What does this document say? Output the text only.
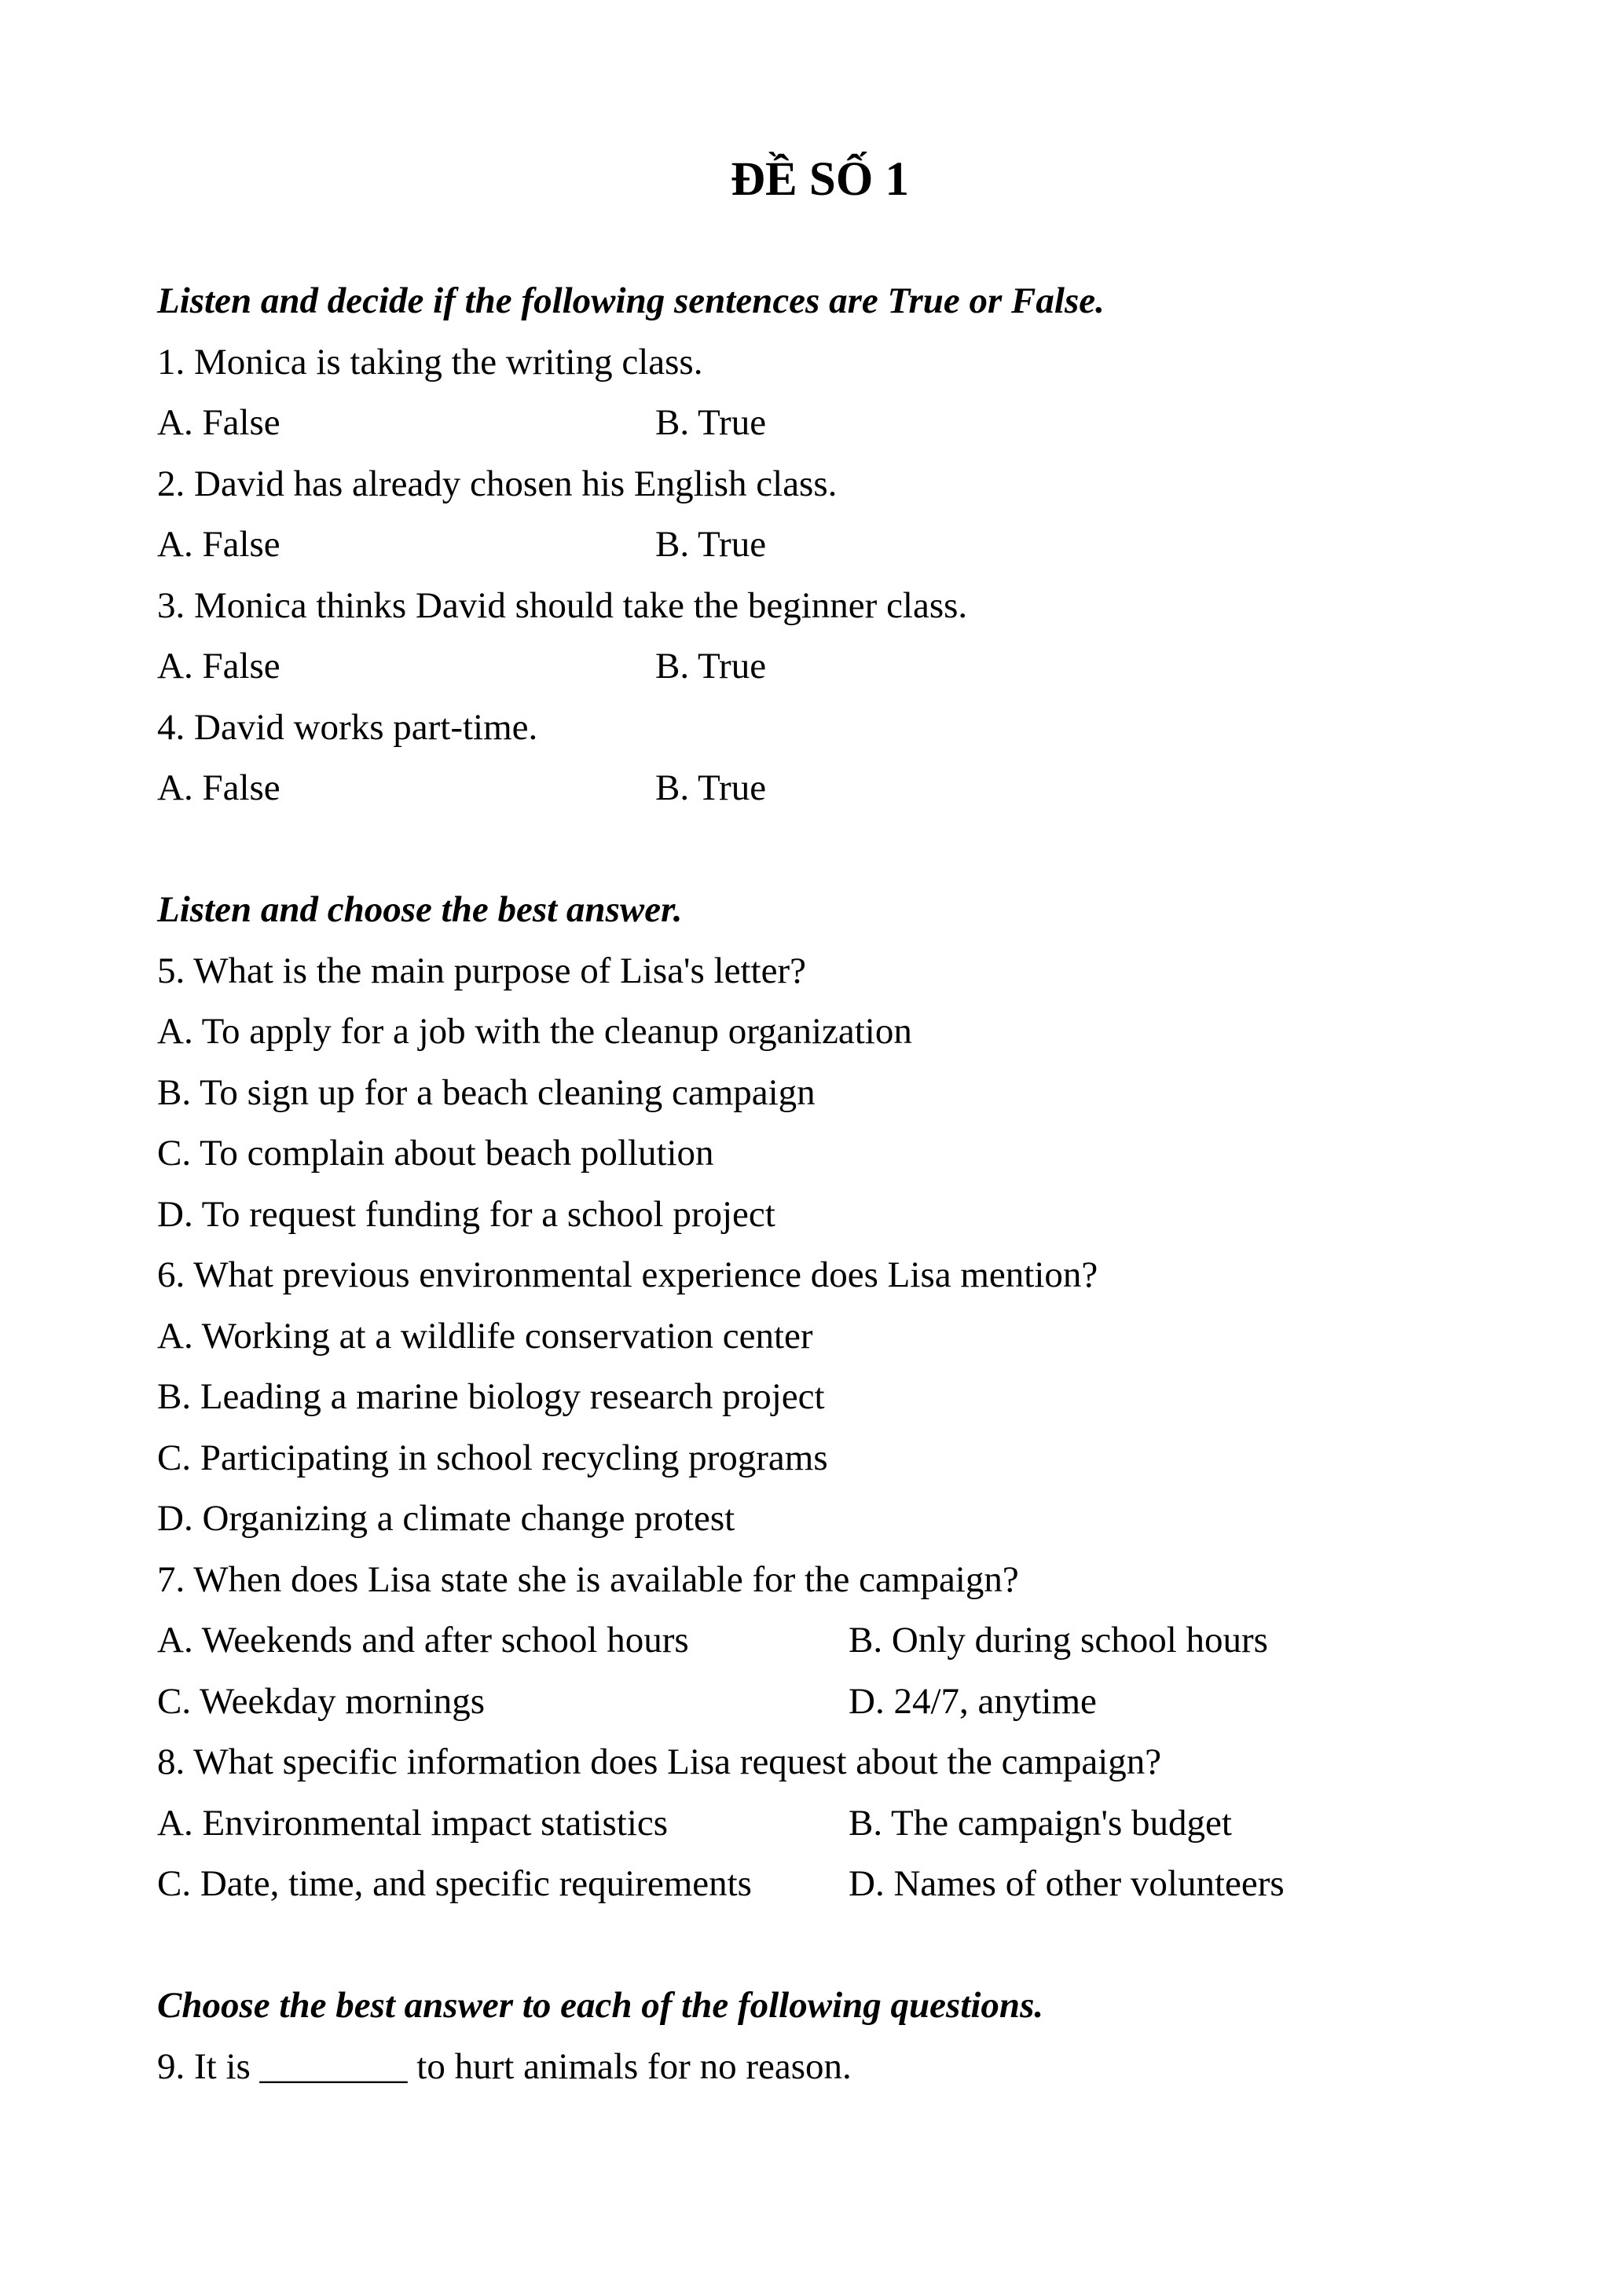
ĐỀ SỐ 1

Listen and decide if the following sentences are True or False.

1. Monica is taking the writing class.

A. False	B. True

2. David has already chosen his English class.

A. False	B. True

3. Monica thinks David should take the beginner class.

A. False	B. True

4. David works part-time.

A. False	B. True

Listen and choose the best answer.

5. What is the main purpose of Lisa's letter?

A. To apply for a job with the cleanup organization

B. To sign up for a beach cleaning campaign

C. To complain about beach pollution

D. To request funding for a school project

6. What previous environmental experience does Lisa mention?

A. Working at a wildlife conservation center

B. Leading a marine biology research project

C. Participating in school recycling programs

D. Organizing a climate change protest

7. When does Lisa state she is available for the campaign?

A. Weekends and after school hours	B. Only during school hours

C. Weekday mornings	D. 24/7, anytime

8. What specific information does Lisa request about the campaign?

A. Environmental impact statistics	B. The campaign's budget

C. Date, time, and specific requirements	D. Names of other volunteers

Choose the best answer to each of the following questions.

9. It is ________ to hurt animals for no reason.
